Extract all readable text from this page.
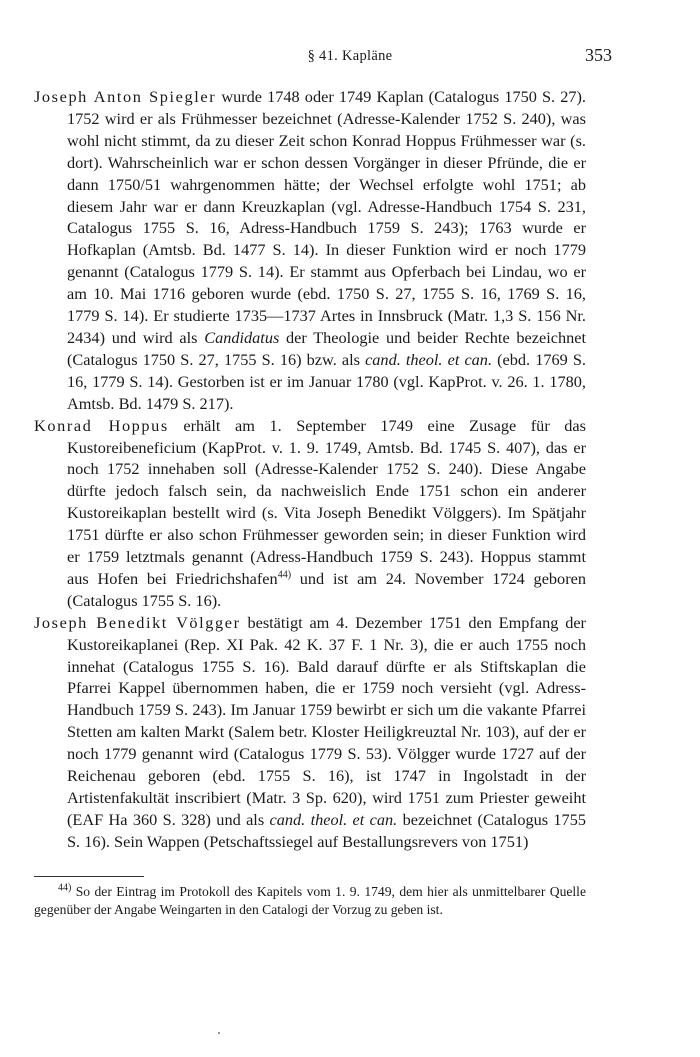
§ 41. Kapläne	353

Joseph Anton Spiegler wurde 1748 oder 1749 Kaplan (Catalogus 1750 S. 27). 1752 wird er als Frühmesser bezeichnet (Adresse-Kalender 1752 S. 240), was wohl nicht stimmt, da zu dieser Zeit schon Konrad Hoppus Frühmesser war (s. dort). Wahrscheinlich war er schon dessen Vorgänger in dieser Pfründe, die er dann 1750/51 wahrgenommen hätte; der Wechsel erfolgte wohl 1751; ab diesem Jahr war er dann Kreuzkaplan (vgl. Adresse-Handbuch 1754 S. 231, Catalogus 1755 S. 16, Adress-Handbuch 1759 S. 243); 1763 wurde er Hofkaplan (Amtsb. Bd. 1477 S. 14). In dieser Funktion wird er noch 1779 genannt (Catalogus 1779 S. 14). Er stammt aus Opferbach bei Lindau, wo er am 10. Mai 1716 geboren wurde (ebd. 1750 S. 27, 1755 S. 16, 1769 S. 16, 1779 S. 14). Er studierte 1735—1737 Artes in Innsbruck (Matr. 1,3 S. 156 Nr. 2434) und wird als Candidatus der Theologie und beider Rechte bezeichnet (Catalogus 1750 S. 27, 1755 S. 16) bzw. als cand. theol. et can. (ebd. 1769 S. 16, 1779 S. 14). Gestorben ist er im Januar 1780 (vgl. KapProt. v. 26. 1. 1780, Amtsb. Bd. 1479 S. 217).

Konrad Hoppus erhält am 1. September 1749 eine Zusage für das Kustoreibeneficium (KapProt. v. 1. 9. 1749, Amtsb. Bd. 1745 S. 407), das er noch 1752 innehaben soll (Adresse-Kalender 1752 S. 240). Diese Angabe dürfte jedoch falsch sein, da nachweislich Ende 1751 schon ein anderer Kustoreikaplan bestellt wird (s. Vita Joseph Benedikt Völggers). Im Spätjahr 1751 dürfte er also schon Frühmesser geworden sein; in dieser Funktion wird er 1759 letztmals genannt (Adress-Handbuch 1759 S. 243). Hoppus stammt aus Hofen bei Friedrichshafen$^{44)}$ und ist am 24. November 1724 geboren (Catalogus 1755 S. 16).

Joseph Benedikt Völgger bestätigt am 4. Dezember 1751 den Empfang der Kustoreikaplanei (Rep. XI Pak. 42 K. 37 F. 1 Nr. 3), die er auch 1755 noch innehat (Catalogus 1755 S. 16). Bald darauf dürfte er als Stiftskaplan die Pfarrei Kappel übernommen haben, die er 1759 noch versieht (vgl. Adress-Handbuch 1759 S. 243). Im Januar 1759 bewirbt er sich um die vakante Pfarrei Stetten am kalten Markt (Salem betr. Kloster Heiligkreuztal Nr. 103), auf der er noch 1779 genannt wird (Catalogus 1779 S. 53). Völgger wurde 1727 auf der Reichenau geboren (ebd. 1755 S. 16), ist 1747 in Ingolstadt in der Artistenfakultät inscribiert (Matr. 3 Sp. 620), wird 1751 zum Priester geweiht (EAF Ha 360 S. 328) und als cand. theol. et can. bezeichnet (Catalogus 1755 S. 16). Sein Wappen (Petschaftssiegel auf Bestallungsrevers von 1751)

$^{44)}$ So der Eintrag im Protokoll des Kapitels vom 1. 9. 1749, dem hier als unmittelbarer Quelle gegenüber der Angabe Weingarten in den Catalogi der Vorzug zu geben ist.
